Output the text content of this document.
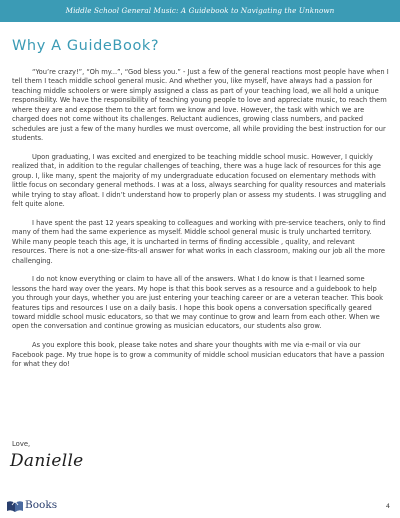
Middle School General Music: A Guidebook to Navigating the Unknown
Why A GuideBook?

“You’re crazy!”, “Oh my...”, “God bless you.” - Just a few of the general reactions most people have when I tell them I teach middle school general music. And whether you, like myself, have always had a passion for teaching middle schoolers or were simply assigned a class as part of your teaching load, we all hold a unique responsibility. We have the responsibility of teaching young people to love and appreciate music, to reach them where they are and expose them to the art form we know and love. However, the task with which we are charged does not come without its challenges. Reluctant audiences, growing class numbers, and packed schedules are just a few of the many hurdles we must overcome, all while providing the best instruction for our students.

Upon graduating, I was excited and energized to be teaching middle school music. However, I quickly realized that, in addition to the regular challenges of teaching, there was a huge lack of resources for this age group. I, like many, spent the majority of my undergraduate education focused on elementary methods with little focus on secondary general methods. I was at a loss, always searching for quality resources and materials while trying to stay afloat. I didn’t understand how to properly plan or assess my students. I was struggling and felt quite alone.

I have spent the past 12 years speaking to colleagues and working with pre-service teachers, only to find many of them had the same experience as myself. Middle school general music is truly uncharted territory. While many people teach this age, it is uncharted in terms of finding accessible , quality, and relevant resources. There is not a one-size-fits-all answer for what works in each classroom, making our job all the more challenging.

I do not know everything or claim to have all of the answers. What I do know is that I learned some lessons the hard way over the years. My hope is that this book serves as a resource and a guidebook to help you through your days, whether you are just entering your teaching career or are a veteran teacher. This book features tips and resources I use on a daily basis. I hope this book opens a conversation specifically geared toward middle school music educators, so that we may continue to grow and learn from each other. When we open the conversation and continue growing as musician educators, our students also grow.

As you explore this book, please take notes and share your thoughts with me via e-mail or via our Facebook page. My true hope is to grow a community of middle school musician educators that have a passion for what they do!

Love,
Danielle
Books	4
